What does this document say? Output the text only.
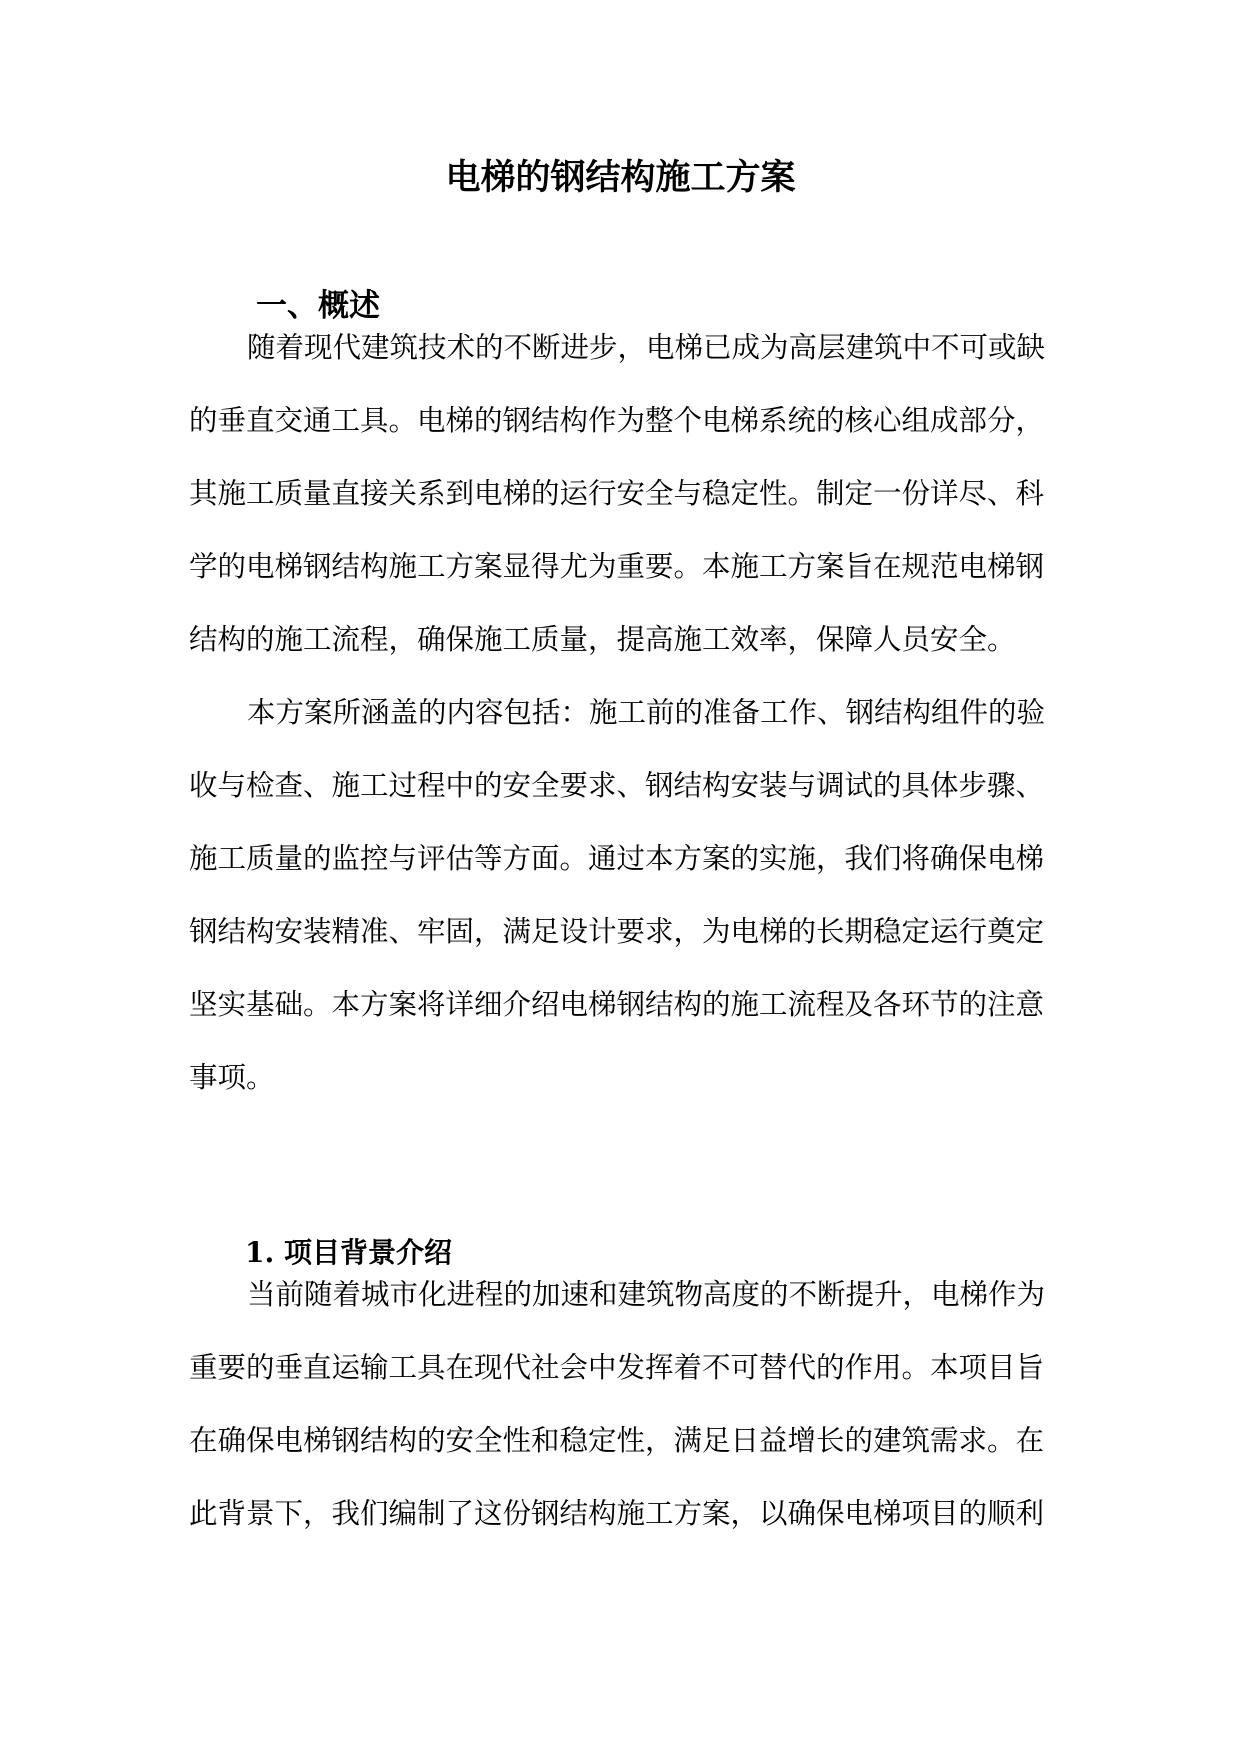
电梯的钢结构施工方案
一、概述

随着现代建筑技术的不断进步，电梯已成为高层建筑中不可或缺

的垂直交通工具。电梯的钢结构作为整个电梯系统的核心组成部分，

其施工质量直接关系到电梯的运行安全与稳定性。制定一份详尽、科

学的电梯钢结构施工方案显得尤为重要。本施工方案旨在规范电梯钢

结构的施工流程，确保施工质量，提高施工效率，保障人员安全。

本方案所涵盖的内容包括：施工前的准备工作、钢结构组件的验

收与检查、施工过程中的安全要求、钢结构安装与调试的具体步骤、

施工质量的监控与评估等方面。通过本方案的实施，我们将确保电梯

钢结构安装精准、牢固，满足设计要求，为电梯的长期稳定运行奠定

坚实基础。本方案将详细介绍电梯钢结构的施工流程及各环节的注意

事项。

1. 项目背景介绍

当前随着城市化进程的加速和建筑物高度的不断提升，电梯作为

重要的垂直运输工具在现代社会中发挥着不可替代的作用。本项目旨

在确保电梯钢结构的安全性和稳定性，满足日益增长的建筑需求。在

此背景下，我们编制了这份钢结构施工方案，以确保电梯项目的顺利
